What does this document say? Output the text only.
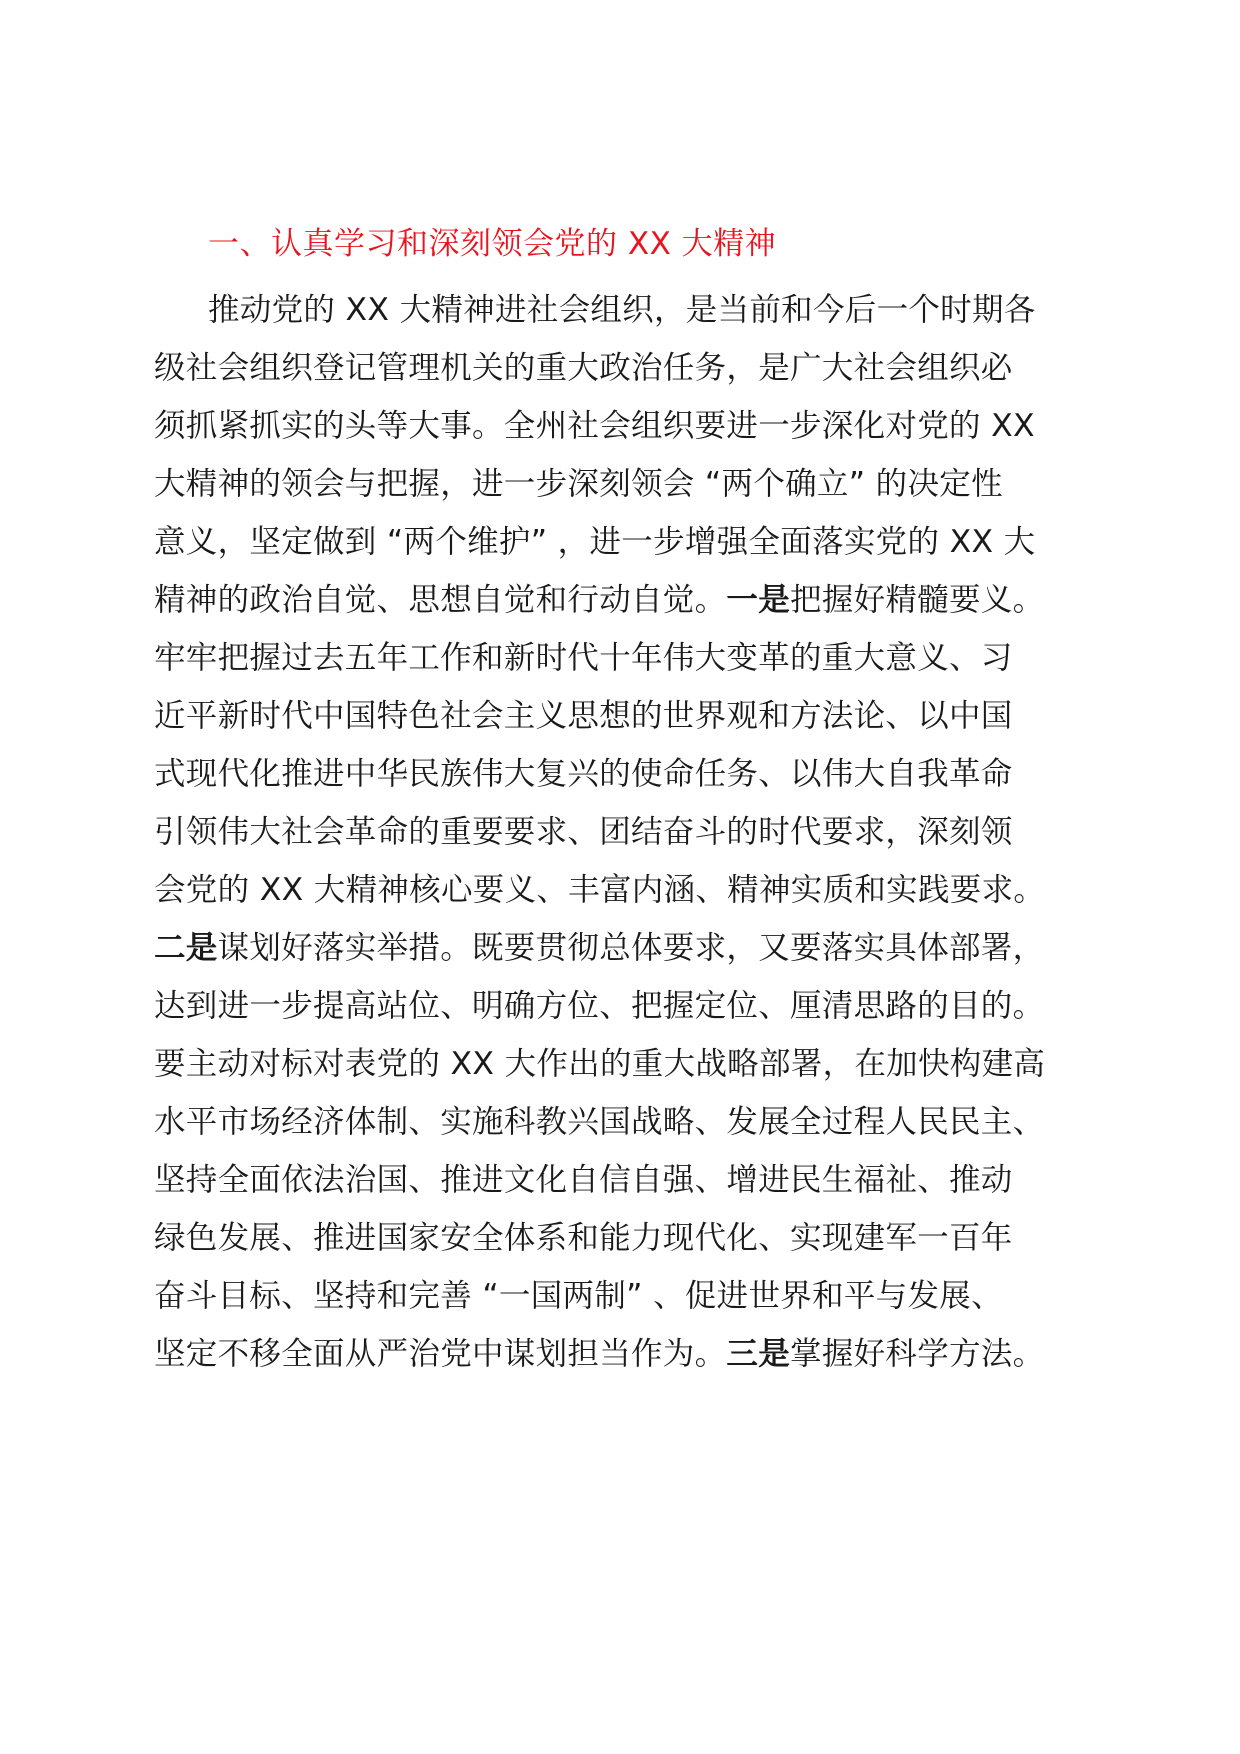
一、认真学习和深刻领会党的 XX 大精神
推动党的 XX 大精神进社会组织，是当前和今后一个时期各
级社会组织登记管理机关的重大政治任务，是广大社会组织必
须抓紧抓实的头等大事。全州社会组织要进一步深化对党的 XX
大精神的领会与把握，进一步深刻领会 “两个确立” 的决定性
意义，坚定做到 “两个维护” ，进一步增强全面落实党的 XX 大
精神的政治自觉、思想自觉和行动自觉。一是把握好精髓要义。
牢牢把握过去五年工作和新时代十年伟大变革的重大意义、习
近平新时代中国特色社会主义思想的世界观和方法论、以中国
式现代化推进中华民族伟大复兴的使命任务、以伟大自我革命
引领伟大社会革命的重要要求、团结奋斗的时代要求，深刻领
会党的 XX 大精神核心要义、丰富内涵、精神实质和实践要求。
二是谋划好落实举措。既要贯彻总体要求，又要落实具体部署，
达到进一步提高站位、明确方位、把握定位、厘清思路的目的。
要主动对标对表党的 XX 大作出的重大战略部署，在加快构建高
水平市场经济体制、实施科教兴国战略、发展全过程人民民主、
坚持全面依法治国、推进文化自信自强、增进民生福祉、推动
绿色发展、推进国家安全体系和能力现代化、实现建军一百年
奋斗目标、坚持和完善 “一国两制” 、促进世界和平与发展、
坚定不移全面从严治党中谋划担当作为。三是掌握好科学方法。
